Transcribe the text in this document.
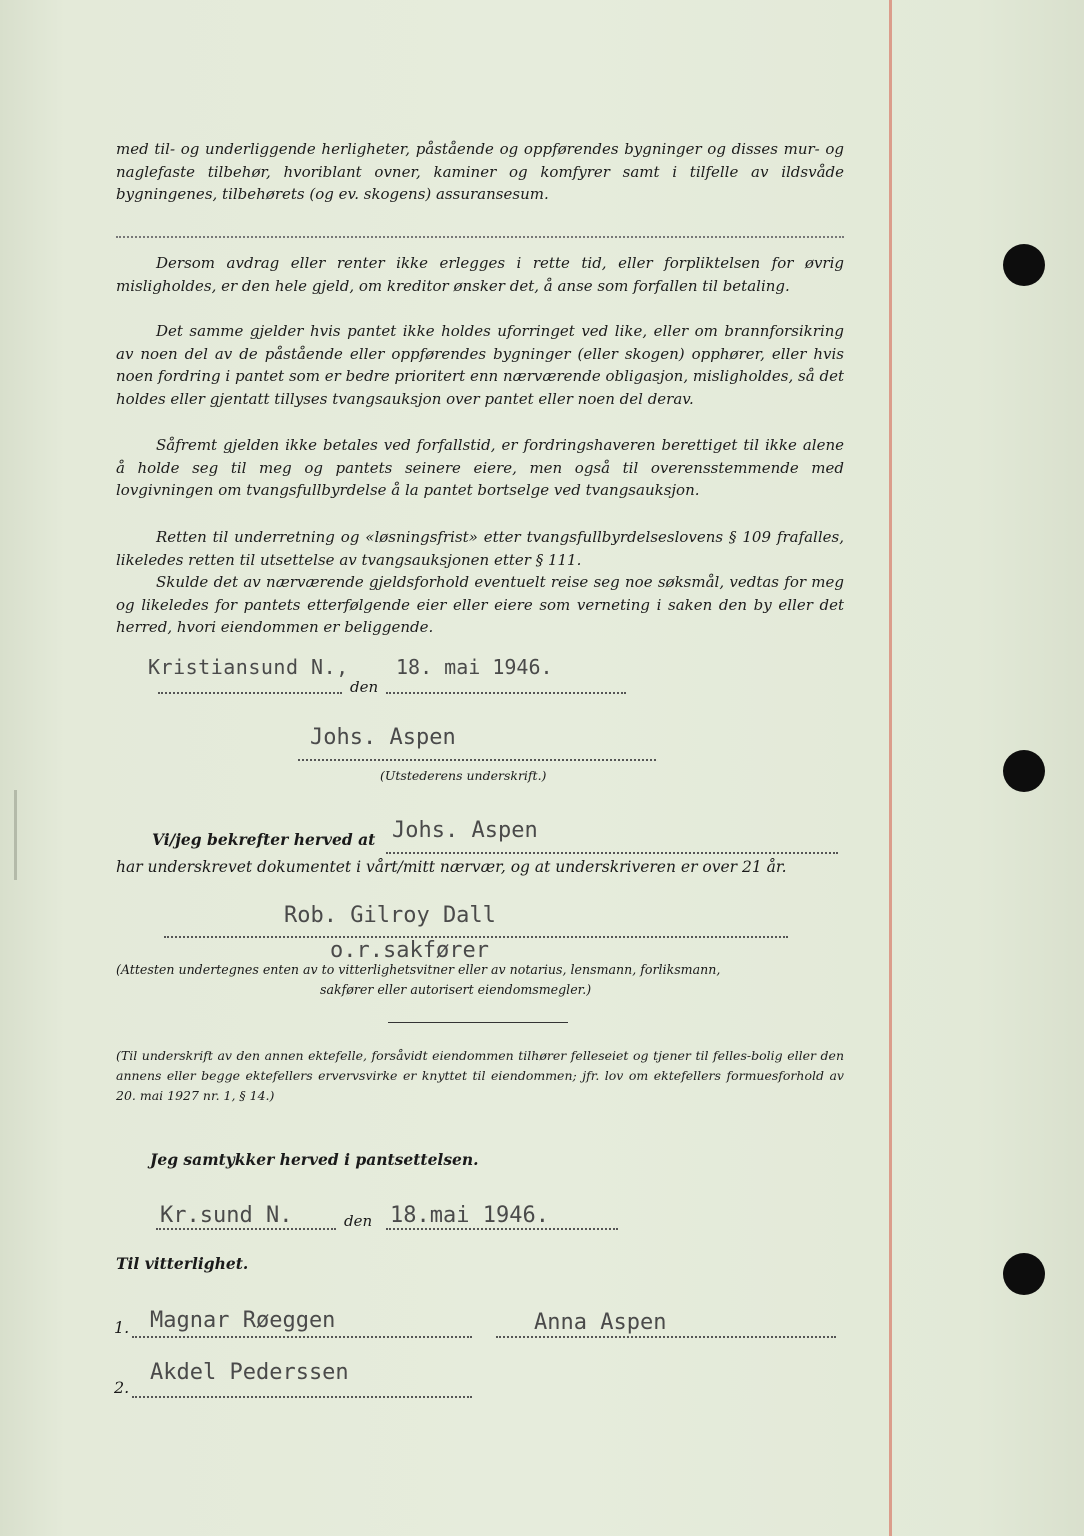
med til- og underliggende herligheter, påstående og oppførendes bygninger og disses mur- og naglefaste tilbehør, hvoriblant ovner, kaminer og komfyrer samt i tilfelle av ildsvåde bygningenes, tilbehørets (og ev. skogens) assuransesum.

Dersom avdrag eller renter ikke erlegges i rette tid, eller forpliktelsen for øvrig misligholdes, er den hele gjeld, om kreditor ønsker det, å anse som forfallen til betaling.

Det samme gjelder hvis pantet ikke holdes uforringet ved like, eller om brannforsikring av noen del av de påstående eller oppførendes bygninger (eller skogen) opphører, eller hvis noen fordring i pantet som er bedre prioritert enn nærværende obligasjon, misligholdes, så det holdes eller gjentatt tillyses tvangsauksjon over pantet eller noen del derav.

Såfremt gjelden ikke betales ved forfallstid, er fordringshaveren berettiget til ikke alene å holde seg til meg og pantets seinere eiere, men også til overensstemmende med lovgivningen om tvangsfullbyrdelse å la pantet bortselge ved tvangsauksjon.

Retten til underretning og «løsningsfrist» etter tvangsfullbyrdelseslovens § 109 frafalles, likeledes retten til utsettelse av tvangsauksjonen etter § 111.

Skulde det av nærværende gjeldsforhold eventuelt reise seg noe søksmål, vedtas for meg og likeledes for pantets etterfølgende eier eller eiere som verneting i saken den by eller det herred, hvori eiendommen er beliggende.

Kristiansund N.,
den
18. mai 1946.
Johs. Aspen
(Utstederens underskrift.)
Vi/jeg bekrefter herved at Johs. Aspen
har underskrevet dokumentet i vårt/mitt nærvær, og at underskriveren er over 21 år.
Rob. Gilroy Dall
o.r.sakfører
(Attesten undertegnes enten av to vitterlighetsvitner eller av notarius, lensmann, forliksmann,
sakfører eller autorisert eiendomsmegler.)

(Til underskrift av den annen ektefelle, forsåvidt eiendommen tilhører felleseiet og tjener til felles-bolig eller den annens eller begge ektefellers ervervsvirke er knyttet til eiendommen; jfr. lov om ektefellers formuesforhold av 20. mai 1927 nr. 1, § 14.)

Jeg samtykker herved i pantsettelsen.
Kr.sund N.	den 18.mai 1946.
Til vitterlighet.
1. Magnar Røeggen	Anna Aspen
2.
Akdel Pederssen
